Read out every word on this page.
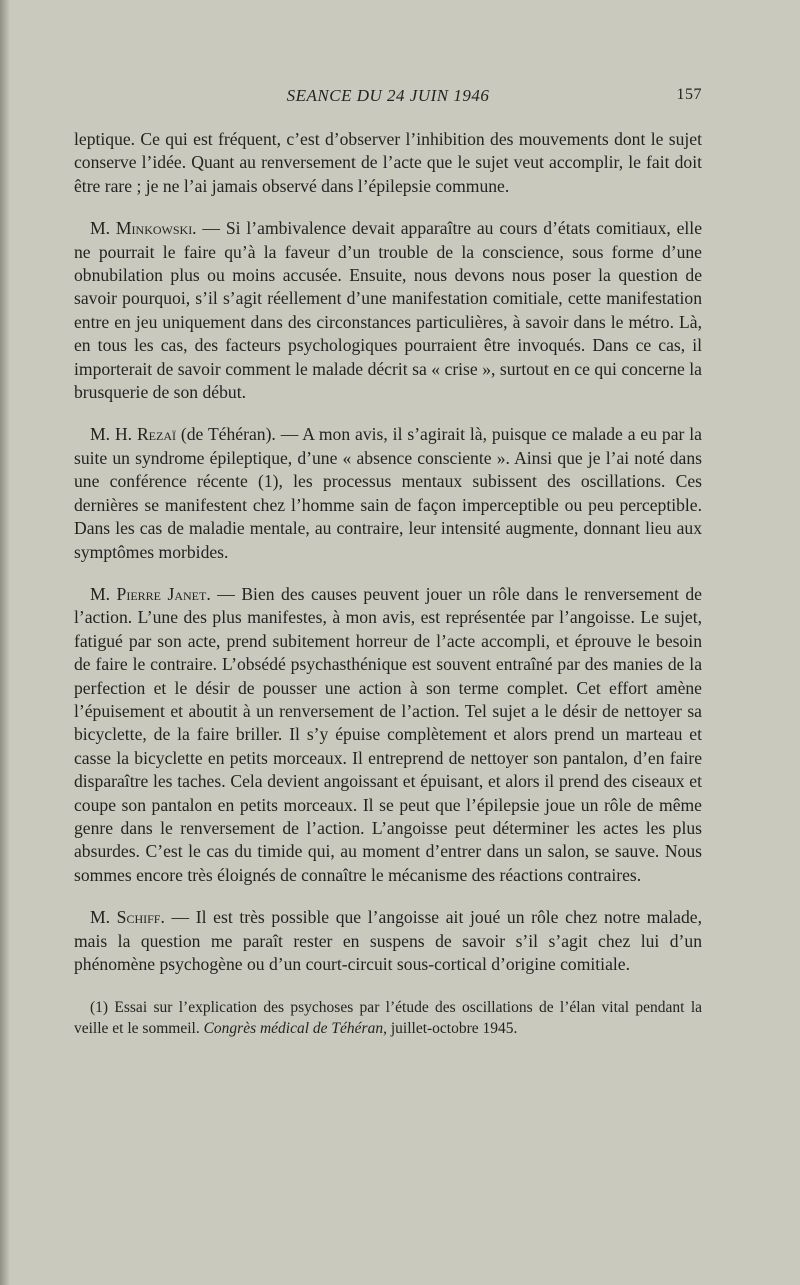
SEANCE DU 24 JUIN 1946	157

leptique. Ce qui est fréquent, c’est d’observer l’inhibition des mouvements dont le sujet conserve l’idée. Quant au renversement de l’acte que le sujet veut accomplir, le fait doit être rare ; je ne l’ai jamais observé dans l’épilepsie commune.

M. Minkowski. — Si l’ambivalence devait apparaître au cours d’états comitiaux, elle ne pourrait le faire qu’à la faveur d’un trouble de la conscience, sous forme d’une obnubilation plus ou moins accusée. Ensuite, nous devons nous poser la question de savoir pourquoi, s’il s’agit réellement d’une manifestation comitiale, cette manifestation entre en jeu uniquement dans des circonstances particulières, à savoir dans le métro. Là, en tous les cas, des facteurs psychologiques pourraient être invoqués. Dans ce cas, il importerait de savoir comment le malade décrit sa « crise », surtout en ce qui concerne la brusquerie de son début.

M. H. Rezaï (de Téhéran). — A mon avis, il s’agirait là, puisque ce malade a eu par la suite un syndrome épileptique, d’une « absence consciente ». Ainsi que je l’ai noté dans une conférence récente (1), les processus mentaux subissent des oscillations. Ces dernières se manifestent chez l’homme sain de façon imperceptible ou peu perceptible. Dans les cas de maladie mentale, au contraire, leur intensité augmente, donnant lieu aux symptômes morbides.

M. Pierre Janet. — Bien des causes peuvent jouer un rôle dans le renversement de l’action. L’une des plus manifestes, à mon avis, est représentée par l’angoisse. Le sujet, fatigué par son acte, prend subitement horreur de l’acte accompli, et éprouve le besoin de faire le contraire. L’obsédé psychasthénique est souvent entraîné par des manies de la perfection et le désir de pousser une action à son terme complet. Cet effort amène l’épuisement et aboutit à un renversement de l’action. Tel sujet a le désir de nettoyer sa bicyclette, de la faire briller. Il s’y épuise complètement et alors prend un marteau et casse la bicyclette en petits morceaux. Il entreprend de nettoyer son pantalon, d’en faire disparaître les taches. Cela devient angoissant et épuisant, et alors il prend des ciseaux et coupe son pantalon en petits morceaux. Il se peut que l’épilepsie joue un rôle de même genre dans le renversement de l’action. L’angoisse peut déterminer les actes les plus absurdes. C’est le cas du timide qui, au moment d’entrer dans un salon, se sauve. Nous sommes encore très éloignés de connaître le mécanisme des réactions contraires.

M. Schiff. — Il est très possible que l’angoisse ait joué un rôle chez notre malade, mais la question me paraît rester en suspens de savoir s’il s’agit chez lui d’un phénomène psychogène ou d’un court-circuit sous-cortical d’origine comitiale.

(1) Essai sur l’explication des psychoses par l’étude des oscillations de l’élan vital pendant la veille et le sommeil. Congrès médical de Téhéran, juillet-octobre 1945.
